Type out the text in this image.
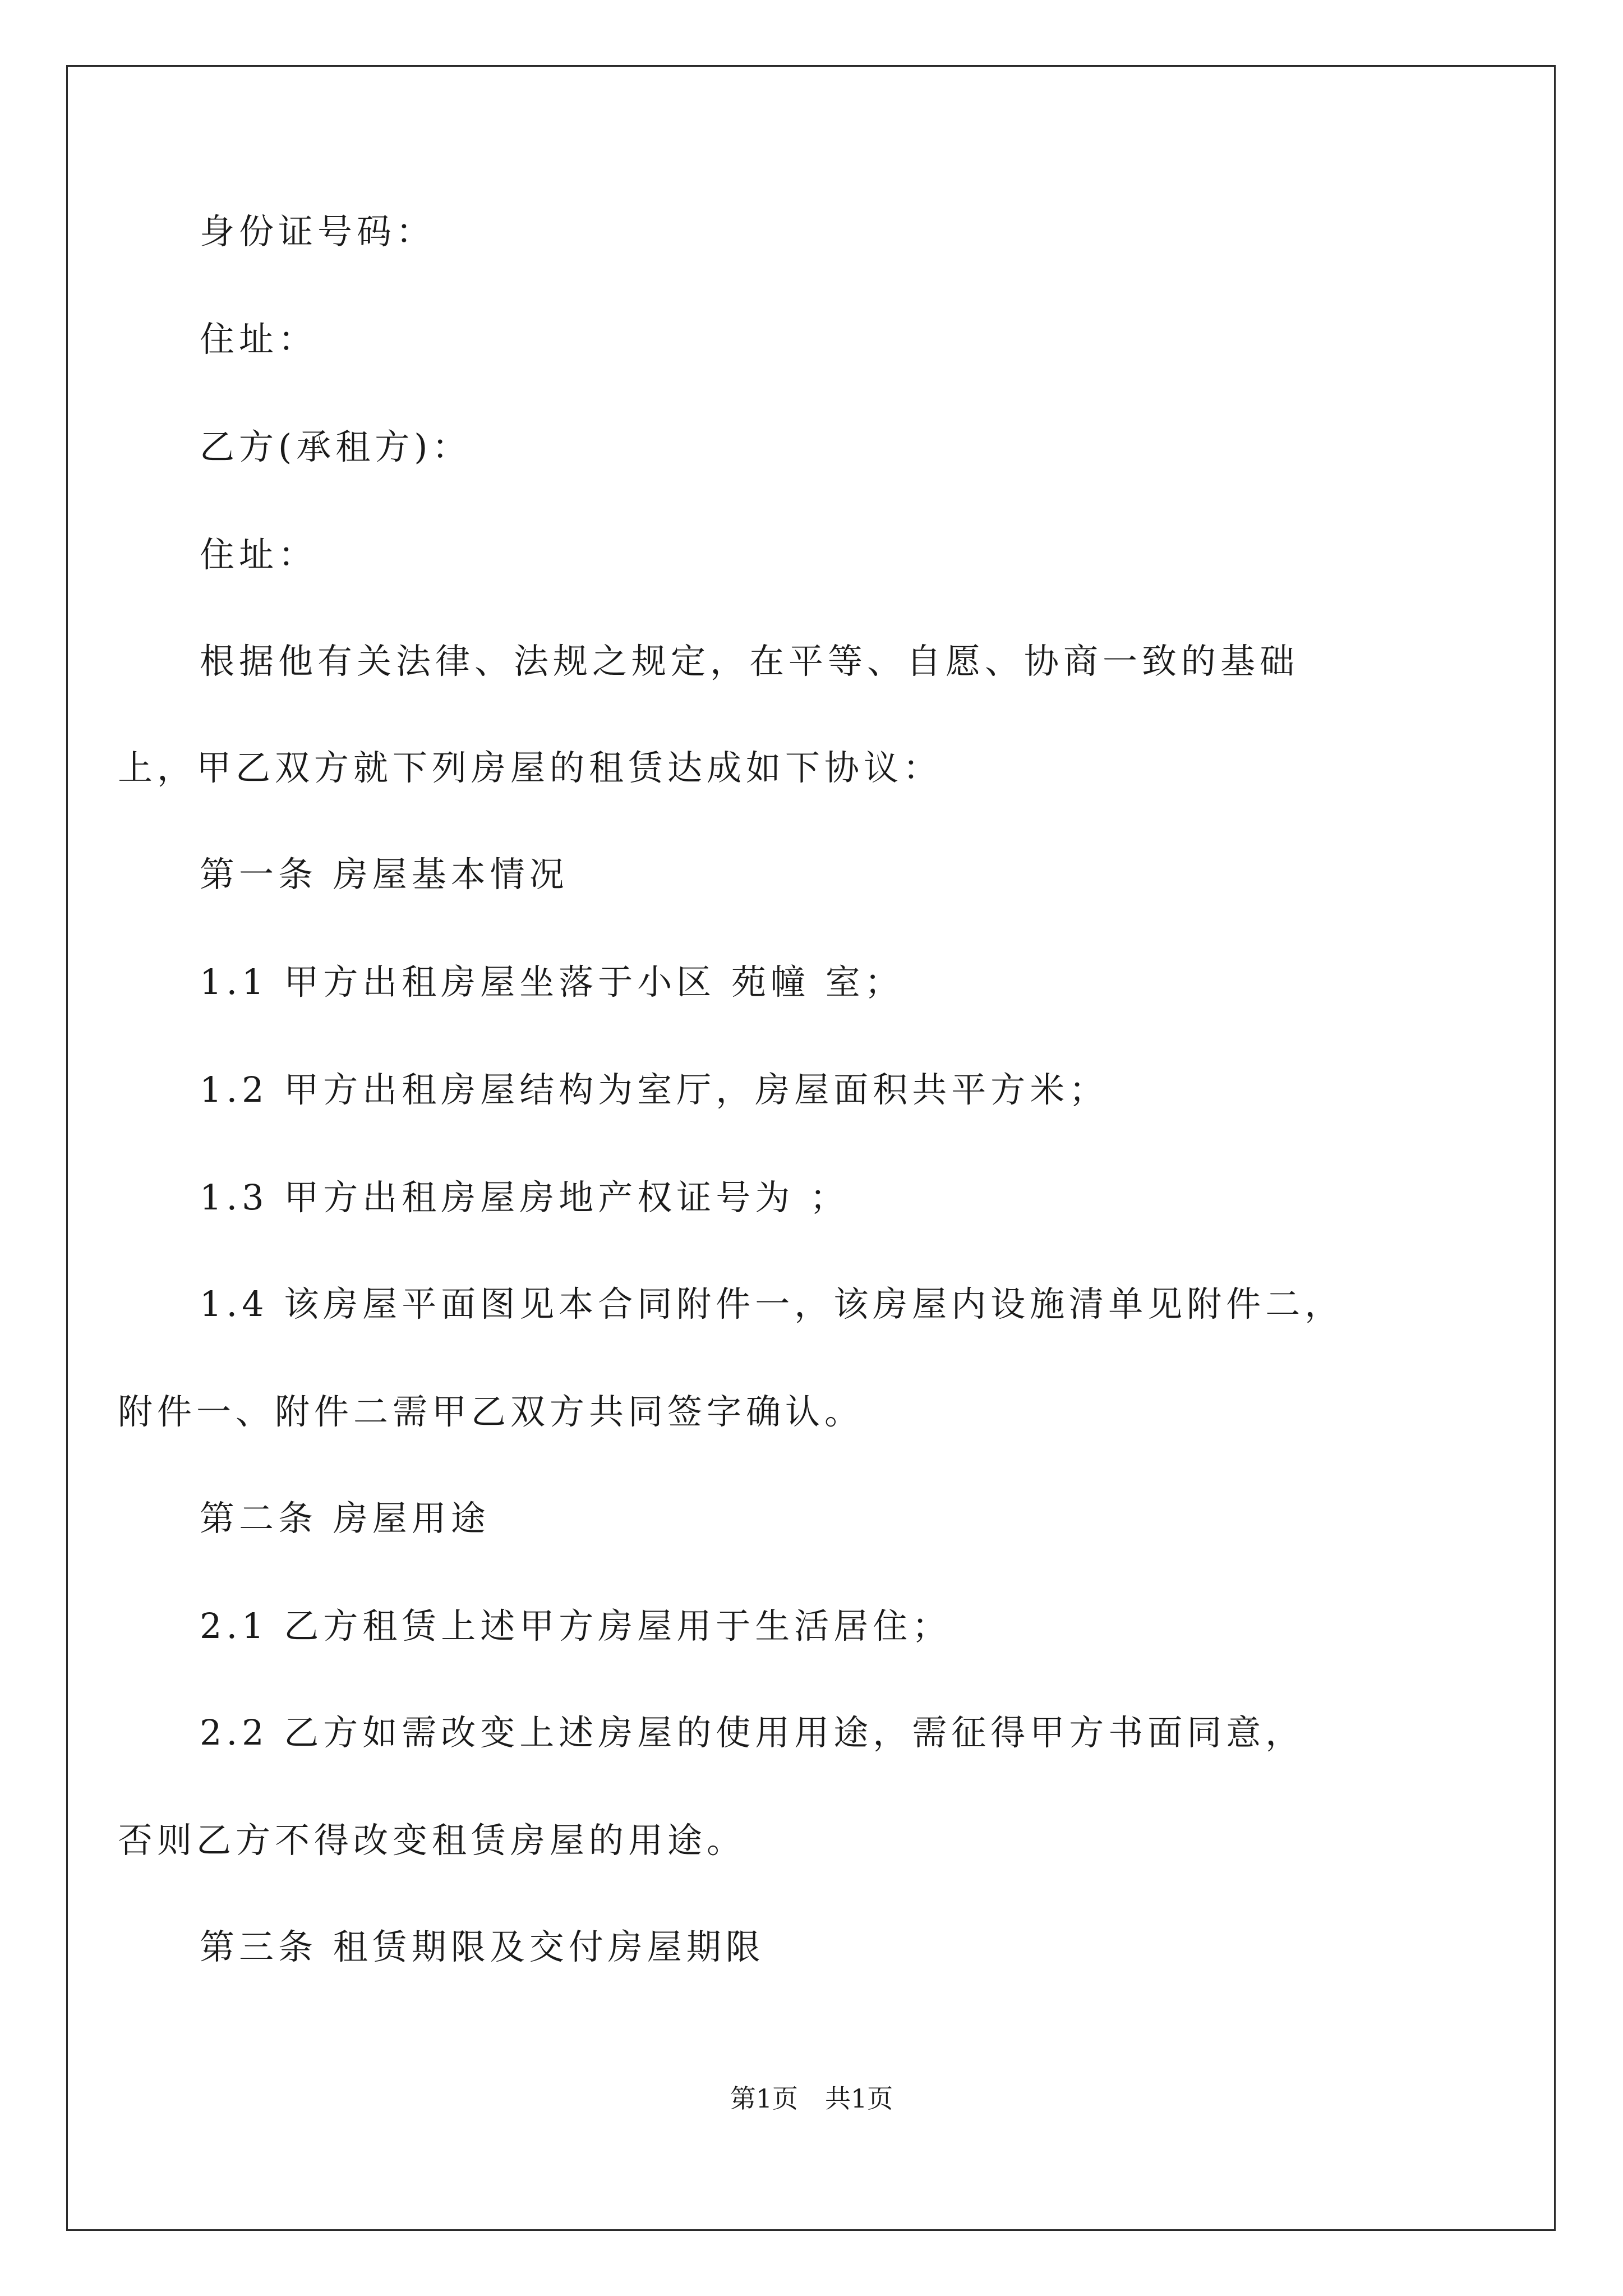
身份证号码：

住址：

乙方(承租方)：

住址：

根据他有关法律、法规之规定，在平等、自愿、协商一致的基础

上，甲乙双方就下列房屋的租赁达成如下协议：

第一条 房屋基本情况

1.1 甲方出租房屋坐落于小区 苑幢 室；

1.2 甲方出租房屋结构为室厅，房屋面积共平方米；

1.3 甲方出租房屋房地产权证号为 ；

1.4 该房屋平面图见本合同附件一，该房屋内设施清单见附件二，

附件一、附件二需甲乙双方共同签字确认。

第二条 房屋用途

2.1 乙方租赁上述甲方房屋用于生活居住；

2.2 乙方如需改变上述房屋的使用用途，需征得甲方书面同意，

否则乙方不得改变租赁房屋的用途。

第三条 租赁期限及交付房屋期限

第1页 共1页
